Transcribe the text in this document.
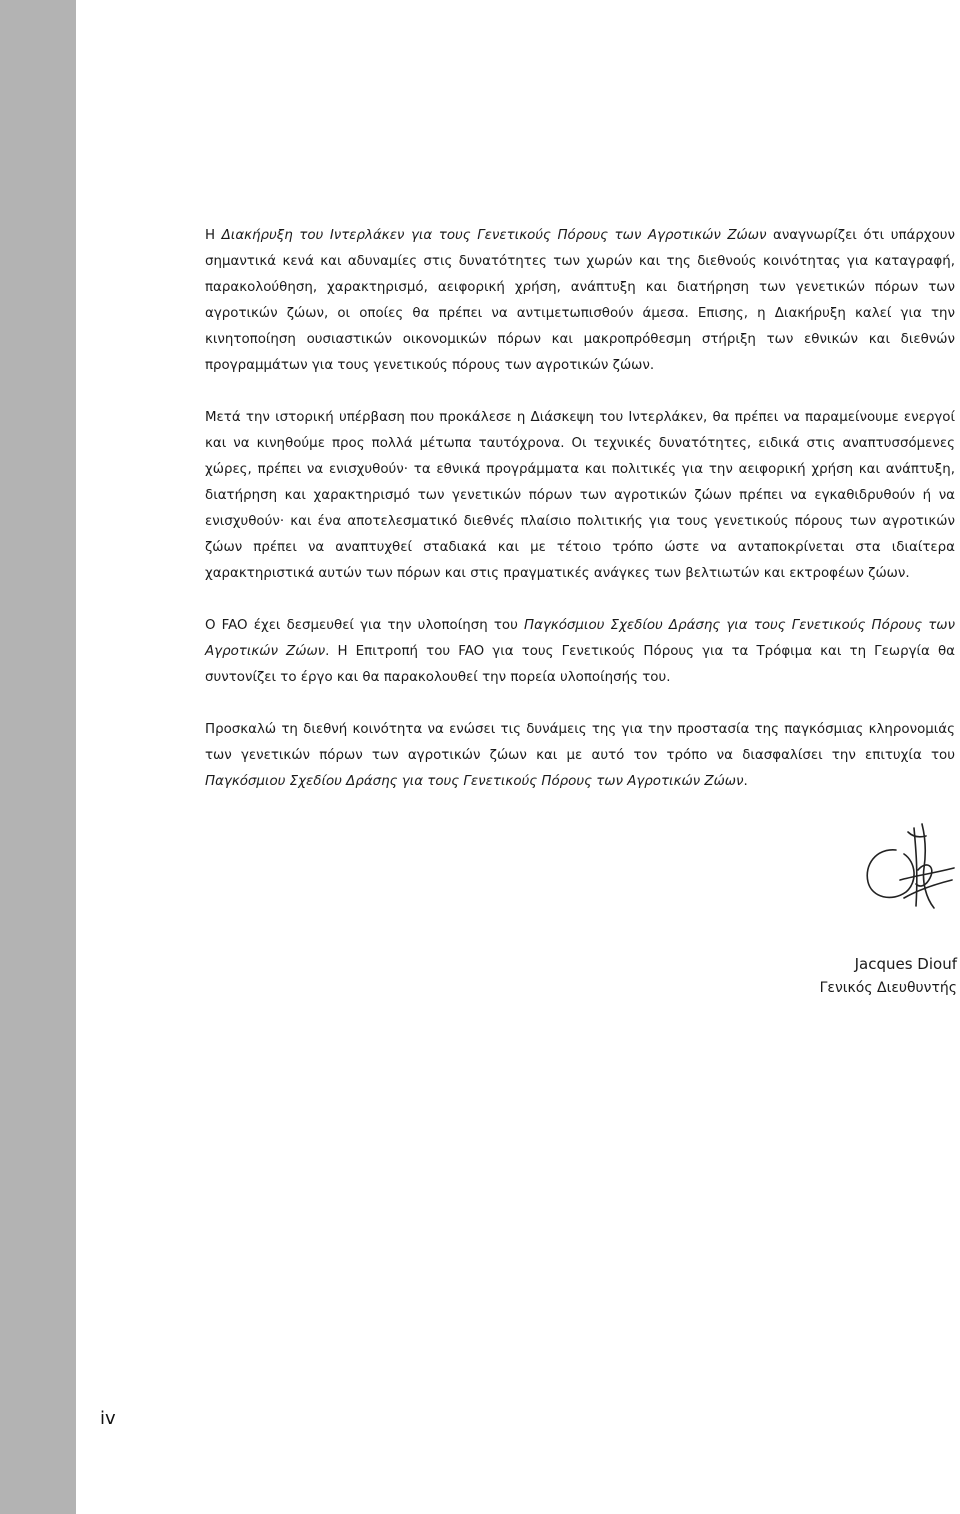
Η Διακήρυξη του Ιντερλάκεν για τους Γενετικούς Πόρους των Αγροτικών Ζώων αναγνωρίζει ότι υπάρχουν σημαντικά κενά και αδυναμίες στις δυνατότητες των χωρών και της διεθνούς κοινότητας για καταγραφή, παρακολούθηση, χαρακτηρισμό, αειφορική χρήση, ανάπτυξη και διατήρηση των γενετικών πόρων των αγροτικών ζώων, οι οποίες θα πρέπει να αντιμετωπισθούν άμεσα. Επισης, η Διακήρυξη καλεί για την κινητοποίηση ουσιαστικών οικονομικών πόρων και μακροπρόθεσμη στήριξη των εθνικών και διεθνών προγραμμάτων για τους γενετικούς πόρους των αγροτικών ζώων.

Μετά την ιστορική υπέρβαση που προκάλεσε η Διάσκεψη του Ιντερλάκεν, θα πρέπει να παραμείνουμε ενεργοί και να κινηθούμε προς πολλά μέτωπα ταυτόχρονα. Οι τεχνικές δυνατότητες, ειδικά στις αναπτυσσόμενες χώρες, πρέπει να ενισχυθούν· τα εθνικά προγράμματα και πολιτικές για την αειφορική χρήση και ανάπτυξη, διατήρηση και χαρακτηρισμό των γενετικών πόρων των αγροτικών ζώων πρέπει να εγκαθιδρυθούν ή να ενισχυθούν· και ένα αποτελεσματικό διεθνές πλαίσιο πολιτικής για τους γενετικούς πόρους των αγροτικών ζώων πρέπει να αναπτυχθεί σταδιακά και με τέτοιο τρόπο ώστε να ανταποκρίνεται στα ιδιαίτερα χαρακτηριστικά αυτών των πόρων και στις πραγματικές ανάγκες των βελτιωτών και εκτροφέων ζώων.

Ο FAO έχει δεσμευθεί για την υλοποίηση του Παγκόσμιου Σχεδίου Δράσης για τους Γενετικούς Πόρους των Αγροτικών Ζώων. Η Επιτροπή του FAO για τους Γενετικούς Πόρους για τα Τρόφιμα και τη Γεωργία θα συντονίζει το έργο και θα παρακολουθεί την πορεία υλοποίησής του.

Προσκαλώ τη διεθνή κοινότητα να ενώσει τις δυνάμεις της για την προστασία της παγκόσμιας κληρονομιάς των γενετικών πόρων των αγροτικών ζώων και με αυτό τον τρόπο να διασφαλίσει την επιτυχία του Παγκόσμιου Σχεδίου Δράσης για τους Γενετικούς Πόρους των Αγροτικών Ζώων.

Jacques Diouf
Γενικός Διευθυντής
iv
